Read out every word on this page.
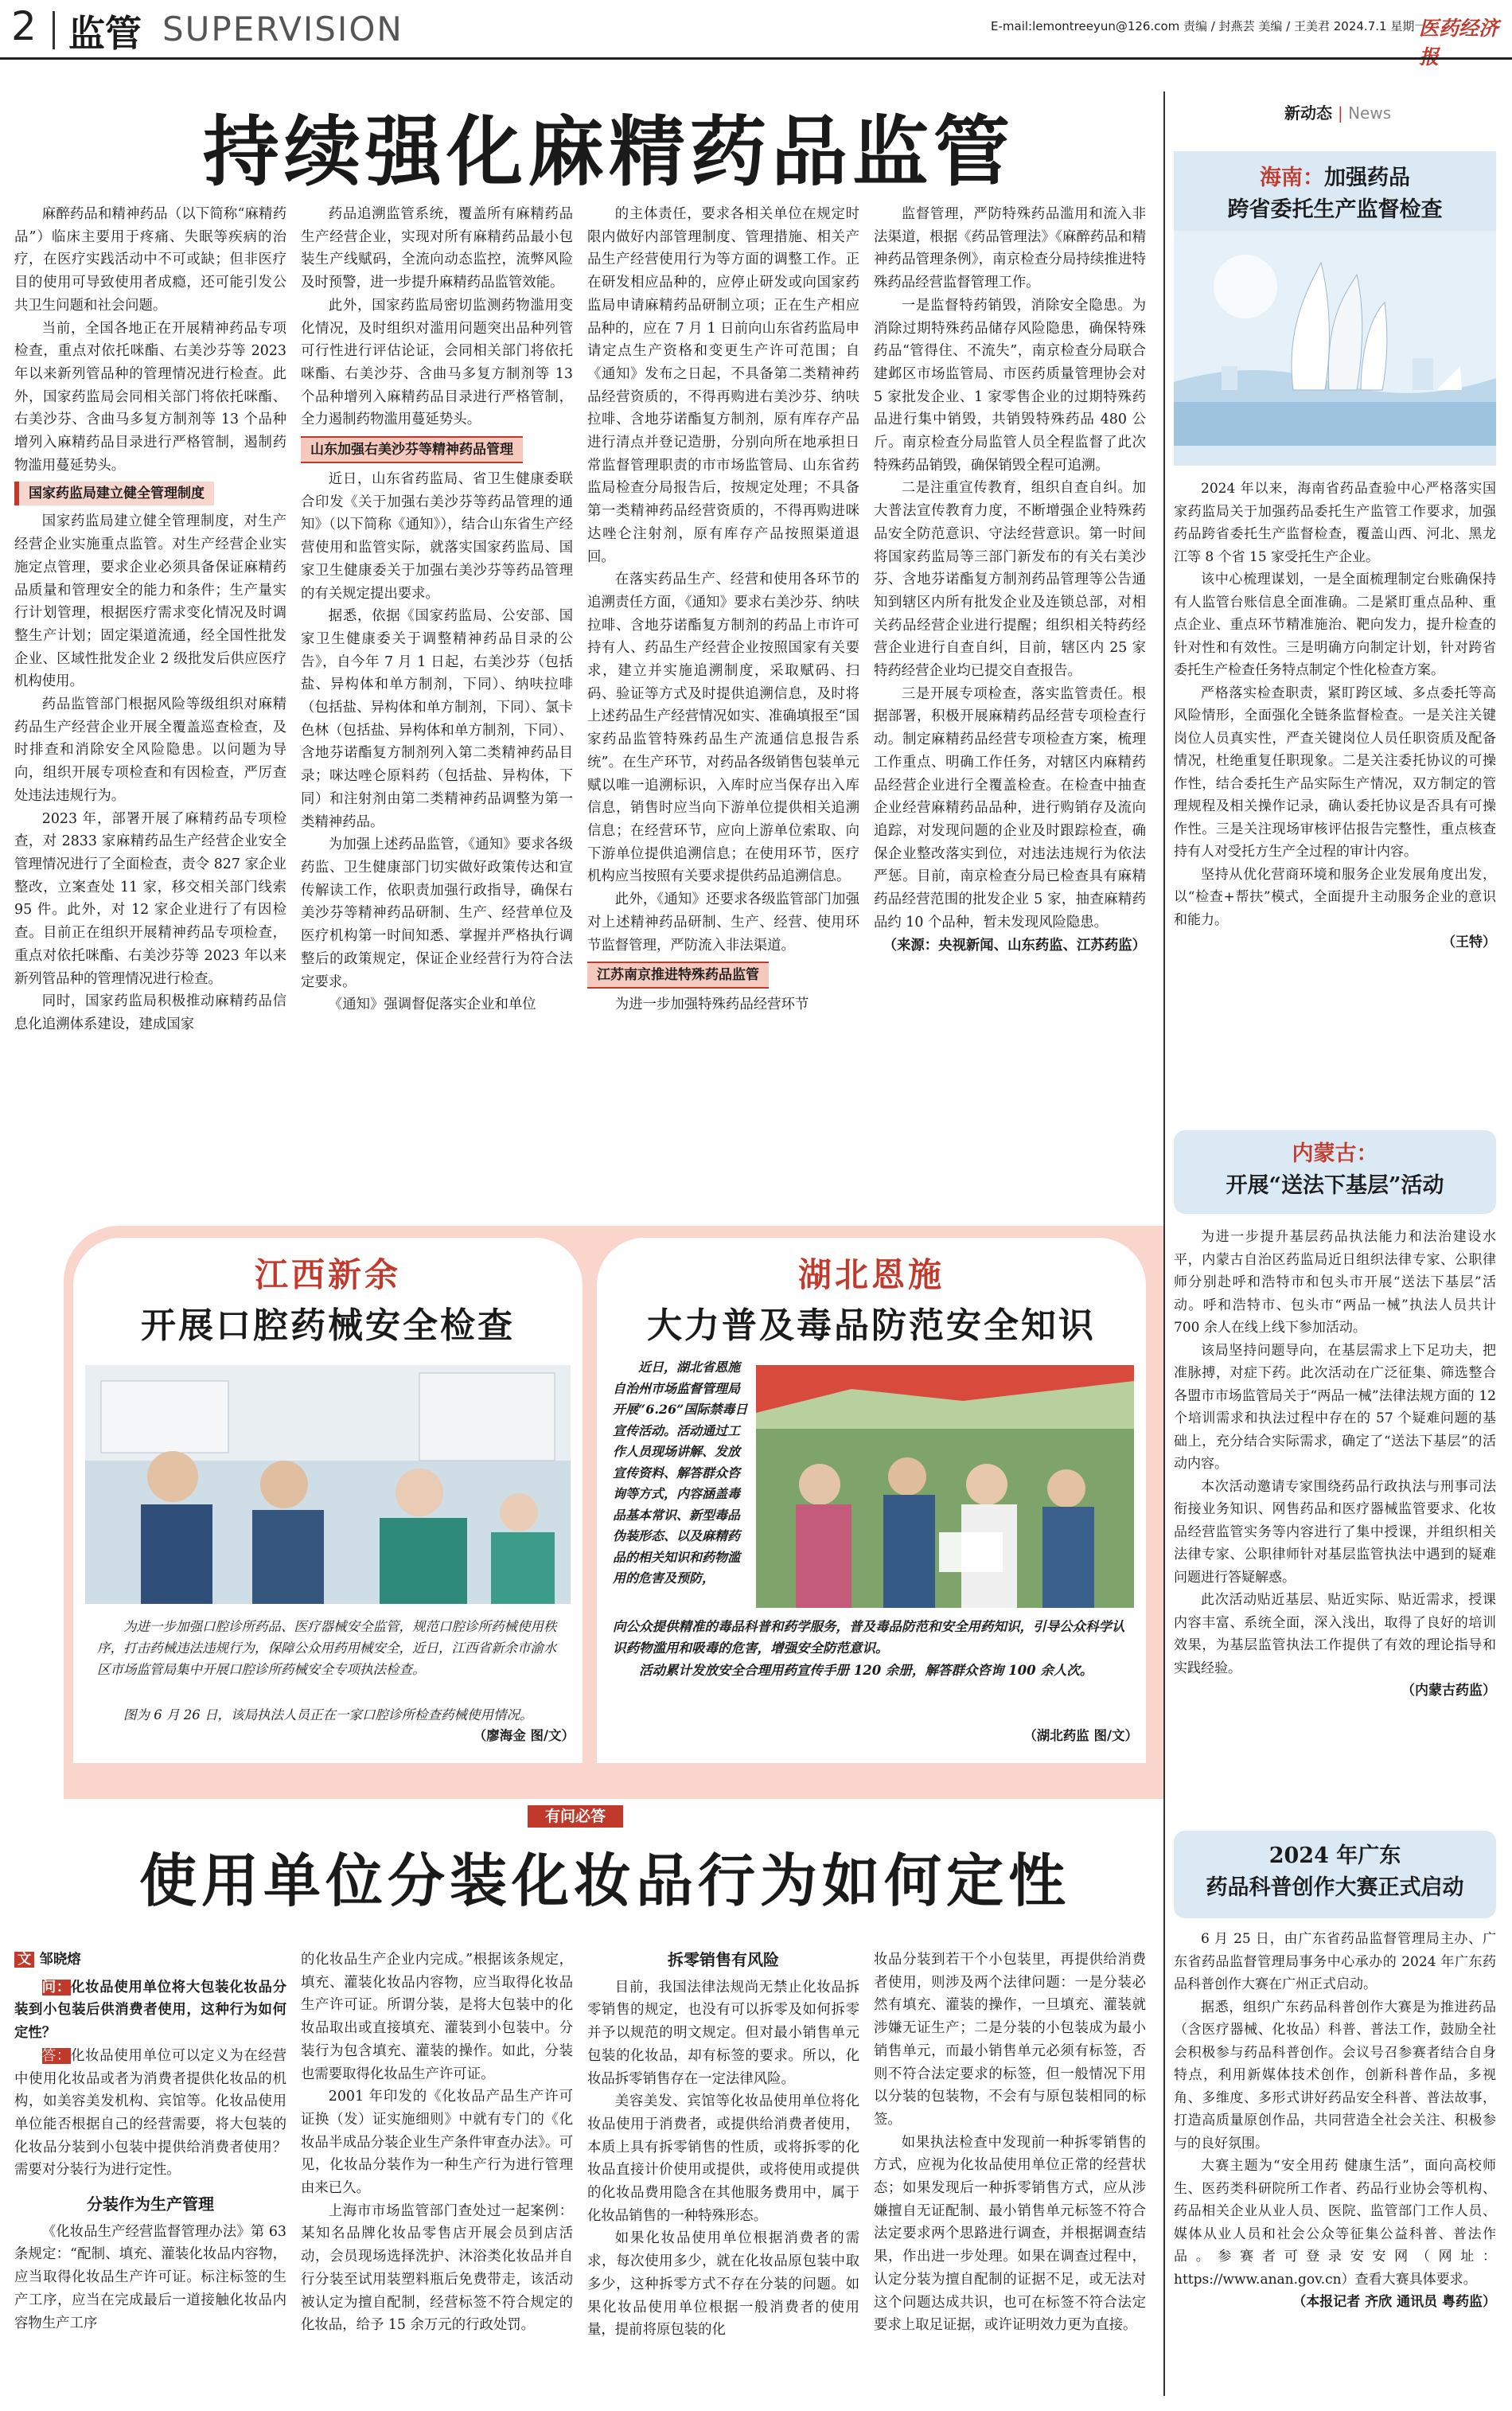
2 监管 SUPERVISION	E-mail:lemontreeyun@126.com 责编 / 封燕芸 美编 / 王美君 2024.7.1 星期一
医药经济报
持续强化麻精药品监管

麻醉药品和精神药品（以下简称“麻精药品”）临床主要用于疼痛、失眠等疾病的治疗，在医疗实践活动中不可或缺；但非医疗目的使用可导致使用者成瘾，还可能引发公共卫生问题和社会问题。

当前，全国各地正在开展精神药品专项检查，重点对依托咪酯、右美沙芬等 2023 年以来新列管品种的管理情况进行检查。此外，国家药监局会同相关部门将依托咪酯、右美沙芬、含曲马多复方制剂等 13 个品种增列入麻精药品目录进行严格管制，遏制药物滥用蔓延势头。

国家药监局建立健全管理制度

国家药监局建立健全管理制度，对生产经营企业实施重点监管。对生产经营企业实施定点管理，要求企业必须具备保证麻精药品质量和管理安全的能力和条件；生产量实行计划管理，根据医疗需求变化情况及时调整生产计划；固定渠道流通，经全国性批发企业、区域性批发企业 2 级批发后供应医疗机构使用。

药品监管部门根据风险等级组织对麻精药品生产经营企业开展全覆盖巡查检查，及时排查和消除安全风险隐患。以问题为导向，组织开展专项检查和有因检查，严厉查处违法违规行为。

2023 年，部署开展了麻精药品专项检查，对 2833 家麻精药品生产经营企业安全管理情况进行了全面检查，责令 827 家企业整改，立案查处 11 家，移交相关部门线索 95 件。此外，对 12 家企业进行了有因检查。目前正在组织开展精神药品专项检查，重点对依托咪酯、右美沙芬等 2023 年以来新列管品种的管理情况进行检查。

同时，国家药监局积极推动麻精药品信息化追溯体系建设，建成国家

药品追溯监管系统，覆盖所有麻精药品生产经营企业，实现对所有麻精药品最小包装生产线赋码，全流向动态监控，流弊风险及时预警，进一步提升麻精药品监管效能。

此外，国家药监局密切监测药物滥用变化情况，及时组织对滥用问题突出品种列管可行性进行评估论证，会同相关部门将依托咪酯、右美沙芬、含曲马多复方制剂等 13 个品种增列入麻精药品目录进行严格管制，全力遏制药物滥用蔓延势头。

山东加强右美沙芬等精神药品管理

近日，山东省药监局、省卫生健康委联合印发《关于加强右美沙芬等药品管理的通知》（以下简称《通知》），结合山东省生产经营使用和监管实际，就落实国家药监局、国家卫生健康委关于加强右美沙芬等药品管理的有关规定提出要求。

据悉，依据《国家药监局、公安部、国家卫生健康委关于调整精神药品目录的公告》，自今年 7 月 1 日起，右美沙芬（包括盐、异构体和单方制剂，下同）、纳呋拉啡（包括盐、异构体和单方制剂，下同）、氯卡色林（包括盐、异构体和单方制剂，下同）、含地芬诺酯复方制剂列入第二类精神药品目录；咪达唑仑原料药（包括盐、异构体，下同）和注射剂由第二类精神药品调整为第一类精神药品。

为加强上述药品监管，《通知》要求各级药监、卫生健康部门切实做好政策传达和宣传解读工作，依职责加强行政指导，确保右美沙芬等精神药品研制、生产、经营单位及医疗机构第一时间知悉、掌握并严格执行调整后的政策规定，保证企业经营行为符合法定要求。

《通知》强调督促落实企业和单位

的主体责任，要求各相关单位在规定时限内做好内部管理制度、管理措施、相关产品生产经营使用行为等方面的调整工作。正在研发相应品种的，应停止研发或向国家药监局申请麻精药品研制立项；正在生产相应品种的，应在 7 月 1 日前向山东省药监局申请定点生产资格和变更生产许可范围；自《通知》发布之日起，不具备第二类精神药品经营资质的，不得再购进右美沙芬、纳呋拉啡、含地芬诺酯复方制剂，原有库存产品进行清点并登记造册，分别向所在地承担日常监督管理职责的市市场监管局、山东省药监局检查分局报告后，按规定处理；不具备第一类精神药品经营资质的，不得再购进咪达唑仑注射剂，原有库存产品按照渠道退回。

在落实药品生产、经营和使用各环节的追溯责任方面，《通知》要求右美沙芬、纳呋拉啡、含地芬诺酯复方制剂的药品上市许可持有人、药品生产经营企业按照国家有关要求，建立并实施追溯制度，采取赋码、扫码、验证等方式及时提供追溯信息，及时将上述药品生产经营情况如实、准确填报至“国家药品监管特殊药品生产流通信息报告系统”。在生产环节，对药品各级销售包装单元赋以唯一追溯标识，入库时应当保存出入库信息，销售时应当向下游单位提供相关追溯信息；在经营环节，应向上游单位索取、向下游单位提供追溯信息；在使用环节，医疗机构应当按照有关要求提供药品追溯信息。

此外，《通知》还要求各级监管部门加强对上述精神药品研制、生产、经营、使用环节监督管理，严防流入非法渠道。

江苏南京推进特殊药品监管

为进一步加强特殊药品经营环节

监督管理，严防特殊药品滥用和流入非法渠道，根据《药品管理法》《麻醉药品和精神药品管理条例》，南京检查分局持续推进特殊药品经营监督管理工作。

一是监督特药销毁，消除安全隐患。为消除过期特殊药品储存风险隐患，确保特殊药品“管得住、不流失”，南京检查分局联合建邺区市场监管局、市医药质量管理协会对 5 家批发企业、1 家零售企业的过期特殊药品进行集中销毁，共销毁特殊药品 480 公斤。南京检查分局监管人员全程监督了此次特殊药品销毁，确保销毁全程可追溯。

二是注重宣传教育，组织自查自纠。加大普法宣传教育力度，不断增强企业特殊药品安全防范意识、守法经营意识。第一时间将国家药监局等三部门新发布的有关右美沙芬、含地芬诺酯复方制剂药品管理等公告通知到辖区内所有批发企业及连锁总部，对相关药品经营企业进行提醒；组织相关特药经营企业进行自查自纠，目前，辖区内 25 家特药经营企业均已提交自查报告。

三是开展专项检查，落实监管责任。根据部署，积极开展麻精药品经营专项检查行动。制定麻精药品经营专项检查方案，梳理工作重点、明确工作任务，对辖区内麻精药品经营企业进行全覆盖检查。在检查中抽查企业经营麻精药品品种，进行购销存及流向追踪，对发现问题的企业及时跟踪检查，确保企业整改落实到位，对违法违规行为依法严惩。目前，南京检查分局已检查具有麻精药品经营范围的批发企业 5 家，抽查麻精药品约 10 个品种，暂未发现风险隐患。

（来源：央视新闻、山东药监、江苏药监）
新动态 | News
海南：加强药品
跨省委托生产监督检查

2024 年以来，海南省药品查验中心严格落实国家药监局关于加强药品委托生产监管工作要求，加强药品跨省委托生产监督检查，覆盖山西、河北、黑龙江等 8 个省 15 家受托生产企业。

该中心梳理谋划，一是全面梳理制定台账确保持有人监管台账信息全面准确。二是紧盯重点品种、重点企业、重点环节精准施治、靶向发力，提升检查的针对性和有效性。三是明确方向制定计划，针对跨省委托生产检查任务特点制定个性化检查方案。

严格落实检查职责，紧盯跨区域、多点委托等高风险情形，全面强化全链条监督检查。一是关注关键岗位人员真实性，严查关键岗位人员任职资质及配备情况，杜绝重复任职现象。二是关注委托协议的可操作性，结合委托生产品实际生产情况，双方制定的管理规程及相关操作记录，确认委托协议是否具有可操作性。三是关注现场审核评估报告完整性，重点核查持有人对受托方生产全过程的审计内容。

坚持从优化营商环境和服务企业发展角度出发，以“检查+帮扶”模式，全面提升主动服务企业的意识和能力。

（王特）
内蒙古：
开展“送法下基层”活动

为进一步提升基层药品执法能力和法治建设水平，内蒙古自治区药监局近日组织法律专家、公职律师分别赴呼和浩特市和包头市开展“送法下基层”活动。呼和浩特市、包头市“两品一械”执法人员共计 700 余人在线上线下参加活动。

该局坚持问题导向，在基层需求上下足功夫，把准脉搏，对症下药。此次活动在广泛征集、筛选整合各盟市市场监管局关于“两品一械”法律法规方面的 12 个培训需求和执法过程中存在的 57 个疑难问题的基础上，充分结合实际需求，确定了“送法下基层”的活动内容。

本次活动邀请专家围绕药品行政执法与刑事司法衔接业务知识、网售药品和医疗器械监管要求、化妆品经营监管实务等内容进行了集中授课，并组织相关法律专家、公职律师针对基层监管执法中遇到的疑难问题进行答疑解惑。

此次活动贴近基层、贴近实际、贴近需求，授课内容丰富、系统全面，深入浅出，取得了良好的培训效果，为基层监管执法工作提供了有效的理论指导和实践经验。

（内蒙古药监）
2024 年广东
药品科普创作大赛正式启动

6 月 25 日，由广东省药品监督管理局主办、广东省药品监督管理局事务中心承办的 2024 年广东药品科普创作大赛在广州正式启动。

据悉，组织广东药品科普创作大赛是为推进药品（含医疗器械、化妆品）科普、普法工作，鼓励全社会积极参与药品科普创作。会议号召参赛者结合自身特点，利用新媒体技术创作，创新科普作品，多视角、多维度、多形式讲好药品安全科普、普法故事，打造高质量原创作品，共同营造全社会关注、积极参与的良好氛围。

大赛主题为“安全用药 健康生活”，面向高校师生、医药类科研院所工作者、药品行业协会等机构、药品相关企业从业人员、医院、监管部门工作人员、媒体从业人员和社会公众等征集公益科普、普法作品。参赛者可登录安安网（网址：https://www.anan.gov.cn）查看大赛具体要求。

（本报记者 齐欣 通讯员 粤药监）
江西新余
开展口腔药械安全检查
为进一步加强口腔诊所药品、医疗器械安全监管，规范口腔诊所药械使用秩序，打击药械违法违规行为，保障公众用药用械安全，近日，江西省新余市渝水区市场监管局集中开展口腔诊所药械安全专项执法检查。
图为 6 月 26 日，该局执法人员正在一家口腔诊所检查药械使用情况。
（廖海金 图/文）
湖北恩施
大力普及毒品防范安全知识
近日，湖北省恩施自治州市场监督管理局开展“6.26”国际禁毒日宣传活动。活动通过工作人员现场讲解、发放宣传资料、解答群众咨询等方式，内容涵盖毒品基本常识、新型毒品伪装形态、以及麻精药品的相关知识和药物滥用的危害及预防，
向公众提供精准的毒品科普和药学服务，普及毒品防范和安全用药知识，引导公众科学认识药物滥用和吸毒的危害，增强安全防范意识。
活动累计发放安全合理用药宣传手册 120 余册，解答群众咨询 100 余人次。
（湖北药监 图/文）
有问必答
使用单位分装化妆品行为如何定性
文 邹晓熔

问：化妆品使用单位将大包装化妆品分装到小包装后供消费者使用，这种行为如何定性？

答：化妆品使用单位可以定义为在经营中使用化妆品或者为消费者提供化妆品的机构，如美容美发机构、宾馆等。化妆品使用单位能否根据自己的经营需要，将大包装的化妆品分装到小包装中提供给消费者使用？需要对分装行为进行定性。

分装作为生产管理

《化妆品生产经营监督管理办法》第 63 条规定：“配制、填充、灌装化妆品内容物，应当取得化妆品生产许可证。标注标签的生产工序，应当在完成最后一道接触化妆品内容物生产工序

的化妆品生产企业内完成。”根据该条规定，填充、灌装化妆品内容物，应当取得化妆品生产许可证。所谓分装，是将大包装中的化妆品取出或直接填充、灌装到小包装中。分装行为包含填充、灌装的操作。如此，分装也需要取得化妆品生产许可证。

2001 年印发的《化妆品产品生产许可证换（发）证实施细则》中就有专门的《化妆品半成品分装企业生产条件审查办法》。可见，化妆品分装作为一种生产行为进行管理由来已久。

上海市市场监管部门查处过一起案例：某知名品牌化妆品零售店开展会员到店活动，会员现场选择洗护、沐浴类化妆品并自行分装至试用装塑料瓶后免费带走，该活动被认定为擅自配制，经营标签不符合规定的化妆品，给予 15 余万元的行政处罚。

拆零销售有风险

目前，我国法律法规尚无禁止化妆品拆零销售的规定，也没有可以拆零及如何拆零并予以规范的明文规定。但对最小销售单元包装的化妆品，却有标签的要求。所以，化妆品拆零销售存在一定法律风险。

美容美发、宾馆等化妆品使用单位将化妆品使用于消费者，或提供给消费者使用，本质上具有拆零销售的性质，或将拆零的化妆品直接计价使用或提供，或将使用或提供的化妆品费用隐含在其他服务费用中，属于化妆品销售的一种特殊形态。

如果化妆品使用单位根据消费者的需求，每次使用多少，就在化妆品原包装中取多少，这种拆零方式不存在分装的问题。如果化妆品使用单位根据一般消费者的使用量，提前将原包装的化

妆品分装到若干个小包装里，再提供给消费者使用，则涉及两个法律问题：一是分装必然有填充、灌装的操作，一旦填充、灌装就涉嫌无证生产；二是分装的小包装成为最小销售单元，而最小销售单元必须有标签，否则不符合法定要求的标签，但一般情况下用以分装的包装物，不会有与原包装相同的标签。

如果执法检查中发现前一种拆零销售的方式，应视为化妆品使用单位正常的经营状态；如果发现后一种拆零销售方式，应从涉嫌擅自无证配制、最小销售单元标签不符合法定要求两个思路进行调查，并根据调查结果，作出进一步处理。如果在调查过程中，认定分装为擅自配制的证据不足，或无法对这个问题达成共识，也可在标签不符合法定要求上取足证据，或许证明效力更为直接。
